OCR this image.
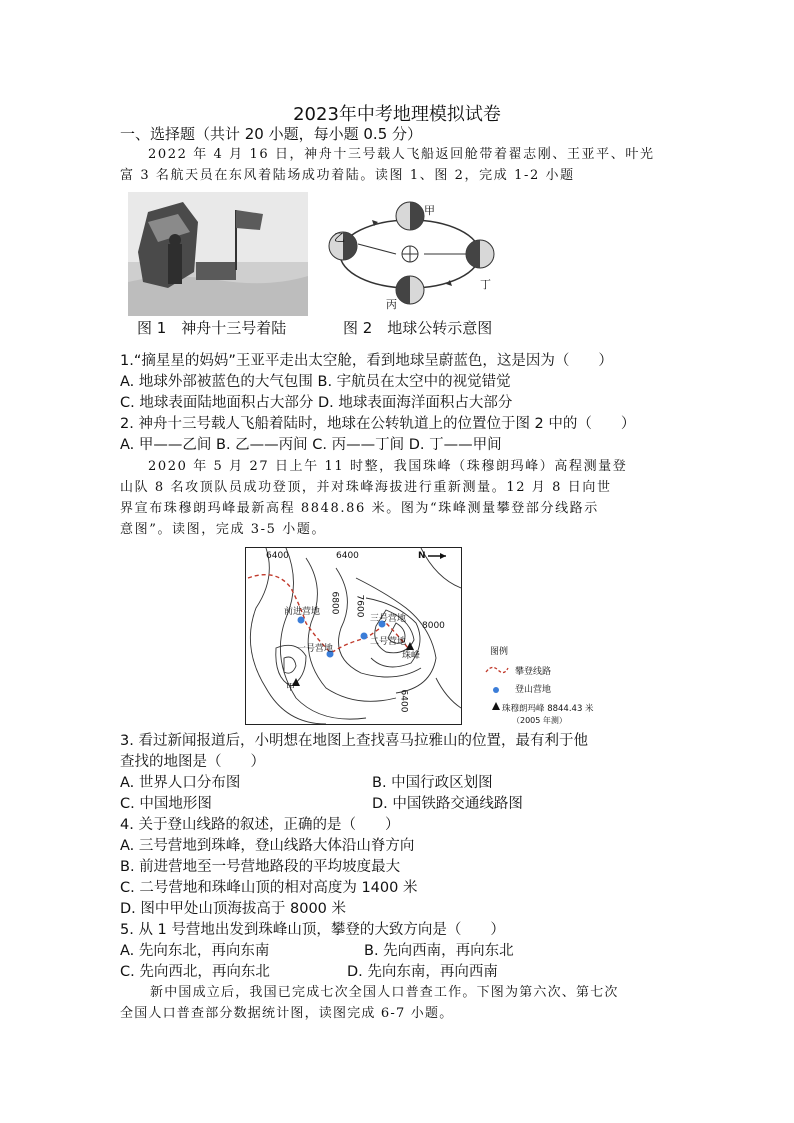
2023年中考地理模拟试卷
一、选择题（共计 20 小题，每小题 0.5 分）
2022 年 4 月 16 日，神舟十三号载人飞船返回舱带着翟志刚、王亚平、叶光
富 3 名航天员在东风着陆场成功着陆。读图 1、图 2，完成 1-2 小题
甲
乙
丙
丁
图 1　神舟十三号着陆	图 2　地球公转示意图
1.“摘星星的妈妈”王亚平走出太空舱，看到地球呈蔚蓝色，这是因为（　　）
A. 地球外部被蓝色的大气包围 B. 宇航员在太空中的视觉错觉
C. 地球表面陆地面积占大部分 D. 地球表面海洋面积占大部分
2. 神舟十三号载人飞船着陆时，地球在公转轨道上的位置位于图 2 中的（　　）
A. 甲——乙间 B. 乙——丙间 C. 丙——丁间 D. 丁——甲间
2020 年 5 月 27 日上午 11 时整，我国珠峰（珠穆朗玛峰）高程测量登
山队 8 名攻顶队员成功登顶，并对珠峰海拔进行重新测量。12 月 8 日向世
界宣布珠穆朗玛峰最新高程 8848.86 米。图为“珠峰测量攀登部分线路示
意图”。读图，完成 3-5 小题。
6400	6400
6800 7600
8000
6400
N
前进营地
一号营地
二号营地
三号营地
甲
珠峰	图例
攀登线路
登山营地
珠穆朗玛峰 8844.43 米
（2005 年测）
3. 看过新闻报道后，小明想在地图上查找喜马拉雅山的位置，最有利于他
查找的地图是（　　）
A. 世界人口分布图	B. 中国行政区划图
C. 中国地形图	D. 中国铁路交通线路图
4. 关于登山线路的叙述，正确的是（　　）
A. 三号营地到珠峰，登山线路大体沿山脊方向
B. 前进营地至一号营地路段的平均坡度最大
C. 二号营地和珠峰山顶的相对高度为 1400 米
D. 图中甲处山顶海拔高于 8000 米
5. 从 1 号营地出发到珠峰山顶，攀登的大致方向是（　　）
A. 先向东北，再向东南	B. 先向西南，再向东北
C. 先向西北，再向东北	D. 先向东南，再向西南
新中国成立后，我国已完成七次全国人口普查工作。下图为第六次、第七次
全国人口普查部分数据统计图，读图完成 6-7 小题。
